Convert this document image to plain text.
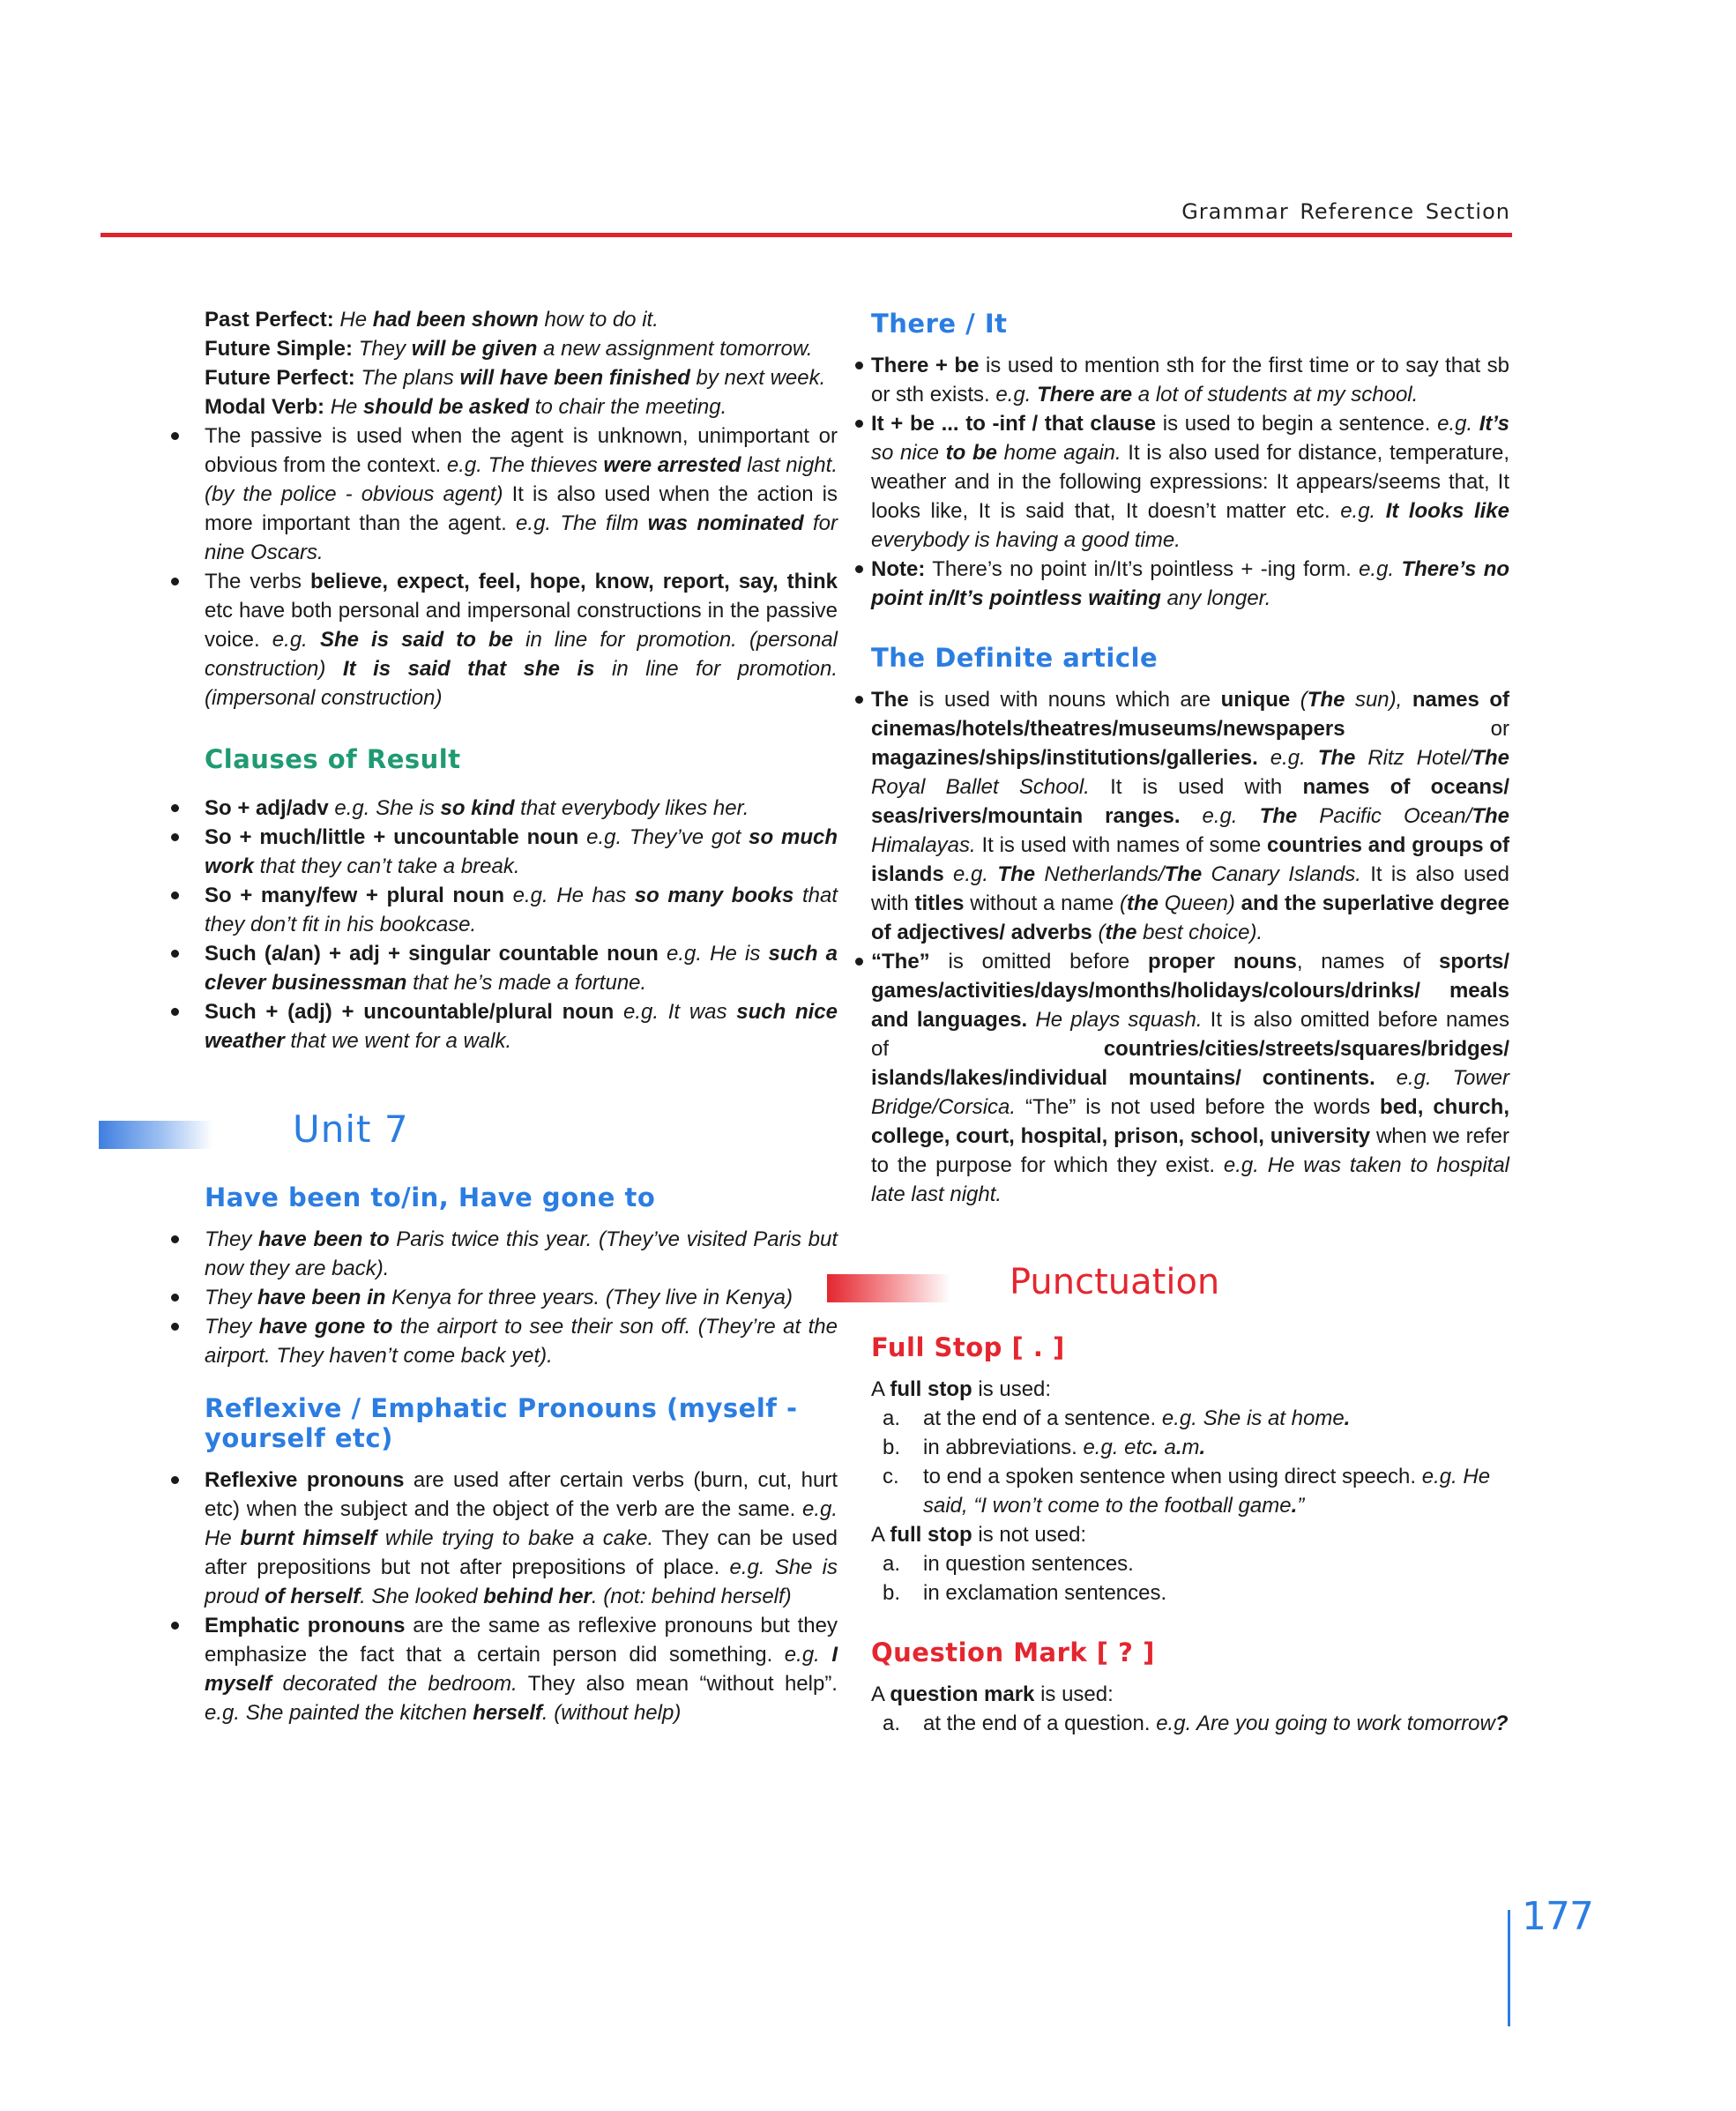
Grammar Reference Section

Past Perfect: He had been shown how to do it.

Future Simple: They will be given a new assignment tomorrow.

Future Perfect: The plans will have been finished by next week.

Modal Verb: He should be asked to chair the meeting.

The passive is used when the agent is unknown, unimportant or obvious from the context. e.g. The thieves were arrested last night. (by the police - obvious agent) It is also used when the action is more important than the agent. e.g. The film was nominated for nine Oscars.

The verbs believe, expect, feel, hope, know, report, say, think etc have both personal and impersonal constructions in the passive voice. e.g. She is said to be in line for promotion. (personal construction) It is said that she is in line for promotion. (impersonal construction)

Clauses of Result

So + adj/adv e.g. She is so kind that everybody likes her.

So + much/little + uncountable noun e.g. They’ve got so much work that they can’t take a break.

So + many/few + plural noun e.g. He has so many books that they don’t fit in his bookcase.

Such (a/an) + adj + singular countable noun e.g. He is such a clever businessman that he’s made a fortune.

Such + (adj) + uncountable/plural noun e.g. It was such nice weather that we went for a walk.

Unit 7
Have been to/in, Have gone to

They have been to Paris twice this year. (They’ve visited Paris but now they are back).

They have been in Kenya for three years. (They live in Kenya)

They have gone to the airport to see their son off. (They’re at the airport. They haven’t come back yet).

Reflexive / Emphatic Pronouns (myself - yourself etc)

Reflexive pronouns are used after certain verbs (burn, cut, hurt etc) when the subject and the object of the verb are the same. e.g. He burnt himself while trying to bake a cake. They can be used after prepositions but not after prepositions of place. e.g. She is proud of herself. She looked behind her. (not: behind herself)

Emphatic pronouns are the same as reflexive pronouns but they emphasize the fact that a certain person did something. e.g. I myself decorated the bedroom. They also mean “without help”. e.g. She painted the kitchen herself. (without help)

There / It

There + be is used to mention sth for the first time or to say that sb or sth exists. e.g. There are a lot of students at my school.

It + be ... to -inf / that clause is used to begin a sentence. e.g. It’s so nice to be home again. It is also used for distance, temperature, weather and in the following expressions: It appears/seems that, It looks like, It is said that, It doesn’t matter etc. e.g. It looks like everybody is having a good time.

Note: There’s no point in/It’s pointless + -ing form. e.g. There’s no point in/It’s pointless waiting any longer.

The Definite article

The is used with nouns which are unique (The sun), names of cinemas/hotels/theatres/museums/newspapers or magazines/ships/institutions/galleries. e.g. The Ritz Hotel/The Royal Ballet School. It is used with names of oceans/ seas/rivers/mountain ranges. e.g. The Pacific Ocean/The Himalayas. It is used with names of some countries and groups of islands e.g. The Netherlands/The Canary Islands. It is also used with titles without a name (the Queen) and the superlative degree of adjectives/ adverbs (the best choice).

“The” is omitted before proper nouns, names of sports/ games/activities/days/months/holidays/colours/drinks/ meals and languages. He plays squash. It is also omitted before names of countries/cities/streets/squares/bridges/ islands/lakes/individual mountains/ continents. e.g. Tower Bridge/Corsica. “The” is not used before the words bed, church, college, court, hospital, prison, school, university when we refer to the purpose for which they exist. e.g. He was taken to hospital late last night.

Punctuation
Full Stop [ . ]

A full stop is used:

a. at the end of a sentence. e.g. She is at home.

b. in abbreviations. e.g. etc. a.m.

c. to end a spoken sentence when using direct speech. e.g. He said, “I won’t come to the football game.”

A full stop is not used:

a. in question sentences.

b. in exclamation sentences.

Question Mark [ ? ]

A question mark is used:

a. at the end of a question. e.g. Are you going to work tomorrow?

177
